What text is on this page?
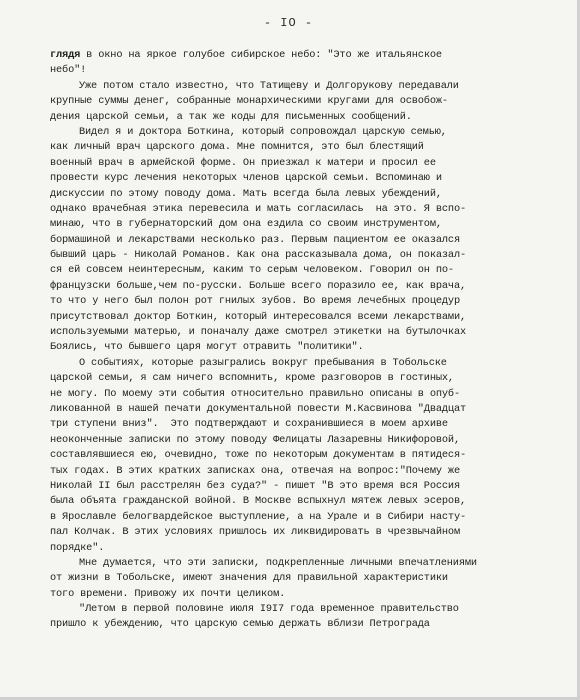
- IO -
глядя в окно на яркое голубое сибирское небо: "Это же итальянское
небо"!
Уже потом стало известно, что Татищеву и Долгорукову передавали
крупные суммы денег, собранные монархическими кругами для освобож-
дения царской семьи, а так же коды для письменных сообщений.
Видел я и доктора Боткина, который сопровождал царскую семью,
как личный врач царского дома. Мне помнится, это был блестящий
военный врач в армейской форме. Он приезжал к матери и просил ее
провести курс лечения некоторых членов царской семьи. Вспоминаю и
дискуссии по этому поводу дома. Мать всегда была левых убеждений,
однако врачебная этика перевесила и мать согласилась  на это. Я вспо-
минаю, что в губернаторский дом она ездила со своим инструментом,
бормашиной и лекарствами несколько раз. Первым пациентом ее оказался
бывший царь - Николай Романов. Как она рассказывала дома, он показал-
ся ей совсем неинтересным, каким то серым человеком. Говорил он по-
французски больше,чем по-русски. Больше всего поразило ее, как врача,
то что у него был полон рот гнилых зубов. Во время лечебных процедур
присутствовал доктор Боткин, который интересовался всеми лекарствами,
используемыми матерью, и поначалу даже смотрел этикетки на бутылочках
Боялись, что бывшего царя могут отравить "политики".
О событиях, которые разыгрались вокруг пребывания в Тобольске
царской семьи, я сам ничего вспомнить, кроме разговоров в гостиных,
не могу. По моему эти события относительно правильно описаны в опуб-
ликованной в нашей печати документальной повести М.Касвинова "Двадцат
три ступени вниз".  Это подтверждают и сохранившиеся в моем архиве
неоконченные записки по этому поводу Фелицаты Лазаревны Никифоровой,
составлявшиеся ею, очевидно, тоже по некоторым документам в пятидеся-
тых годах. В этих кратких записках она, отвечая на вопрос:"Почему же
Николай II был расстрелян без суда?" - пишет "В это время вся Россия
была объята гражданской войной. В Москве вспыхнул мятеж левых эсеров,
в Ярославле белогвардейское выступление, а на Урале и в Сибири насту-
пал Колчак. В этих условиях пришлось их ликвидировать в чрезвычайном
порядке".
Мне думается, что эти записки, подкрепленные личными впечатлениями
от жизни в Тобольске, имеют значения для правильной характеристики
того времени. Привожу их почти целиком.
"Летом в первой половине июля I9I7 года временное правительство
пришло к убеждению, что царскую семью держать вблизи Петрограда
